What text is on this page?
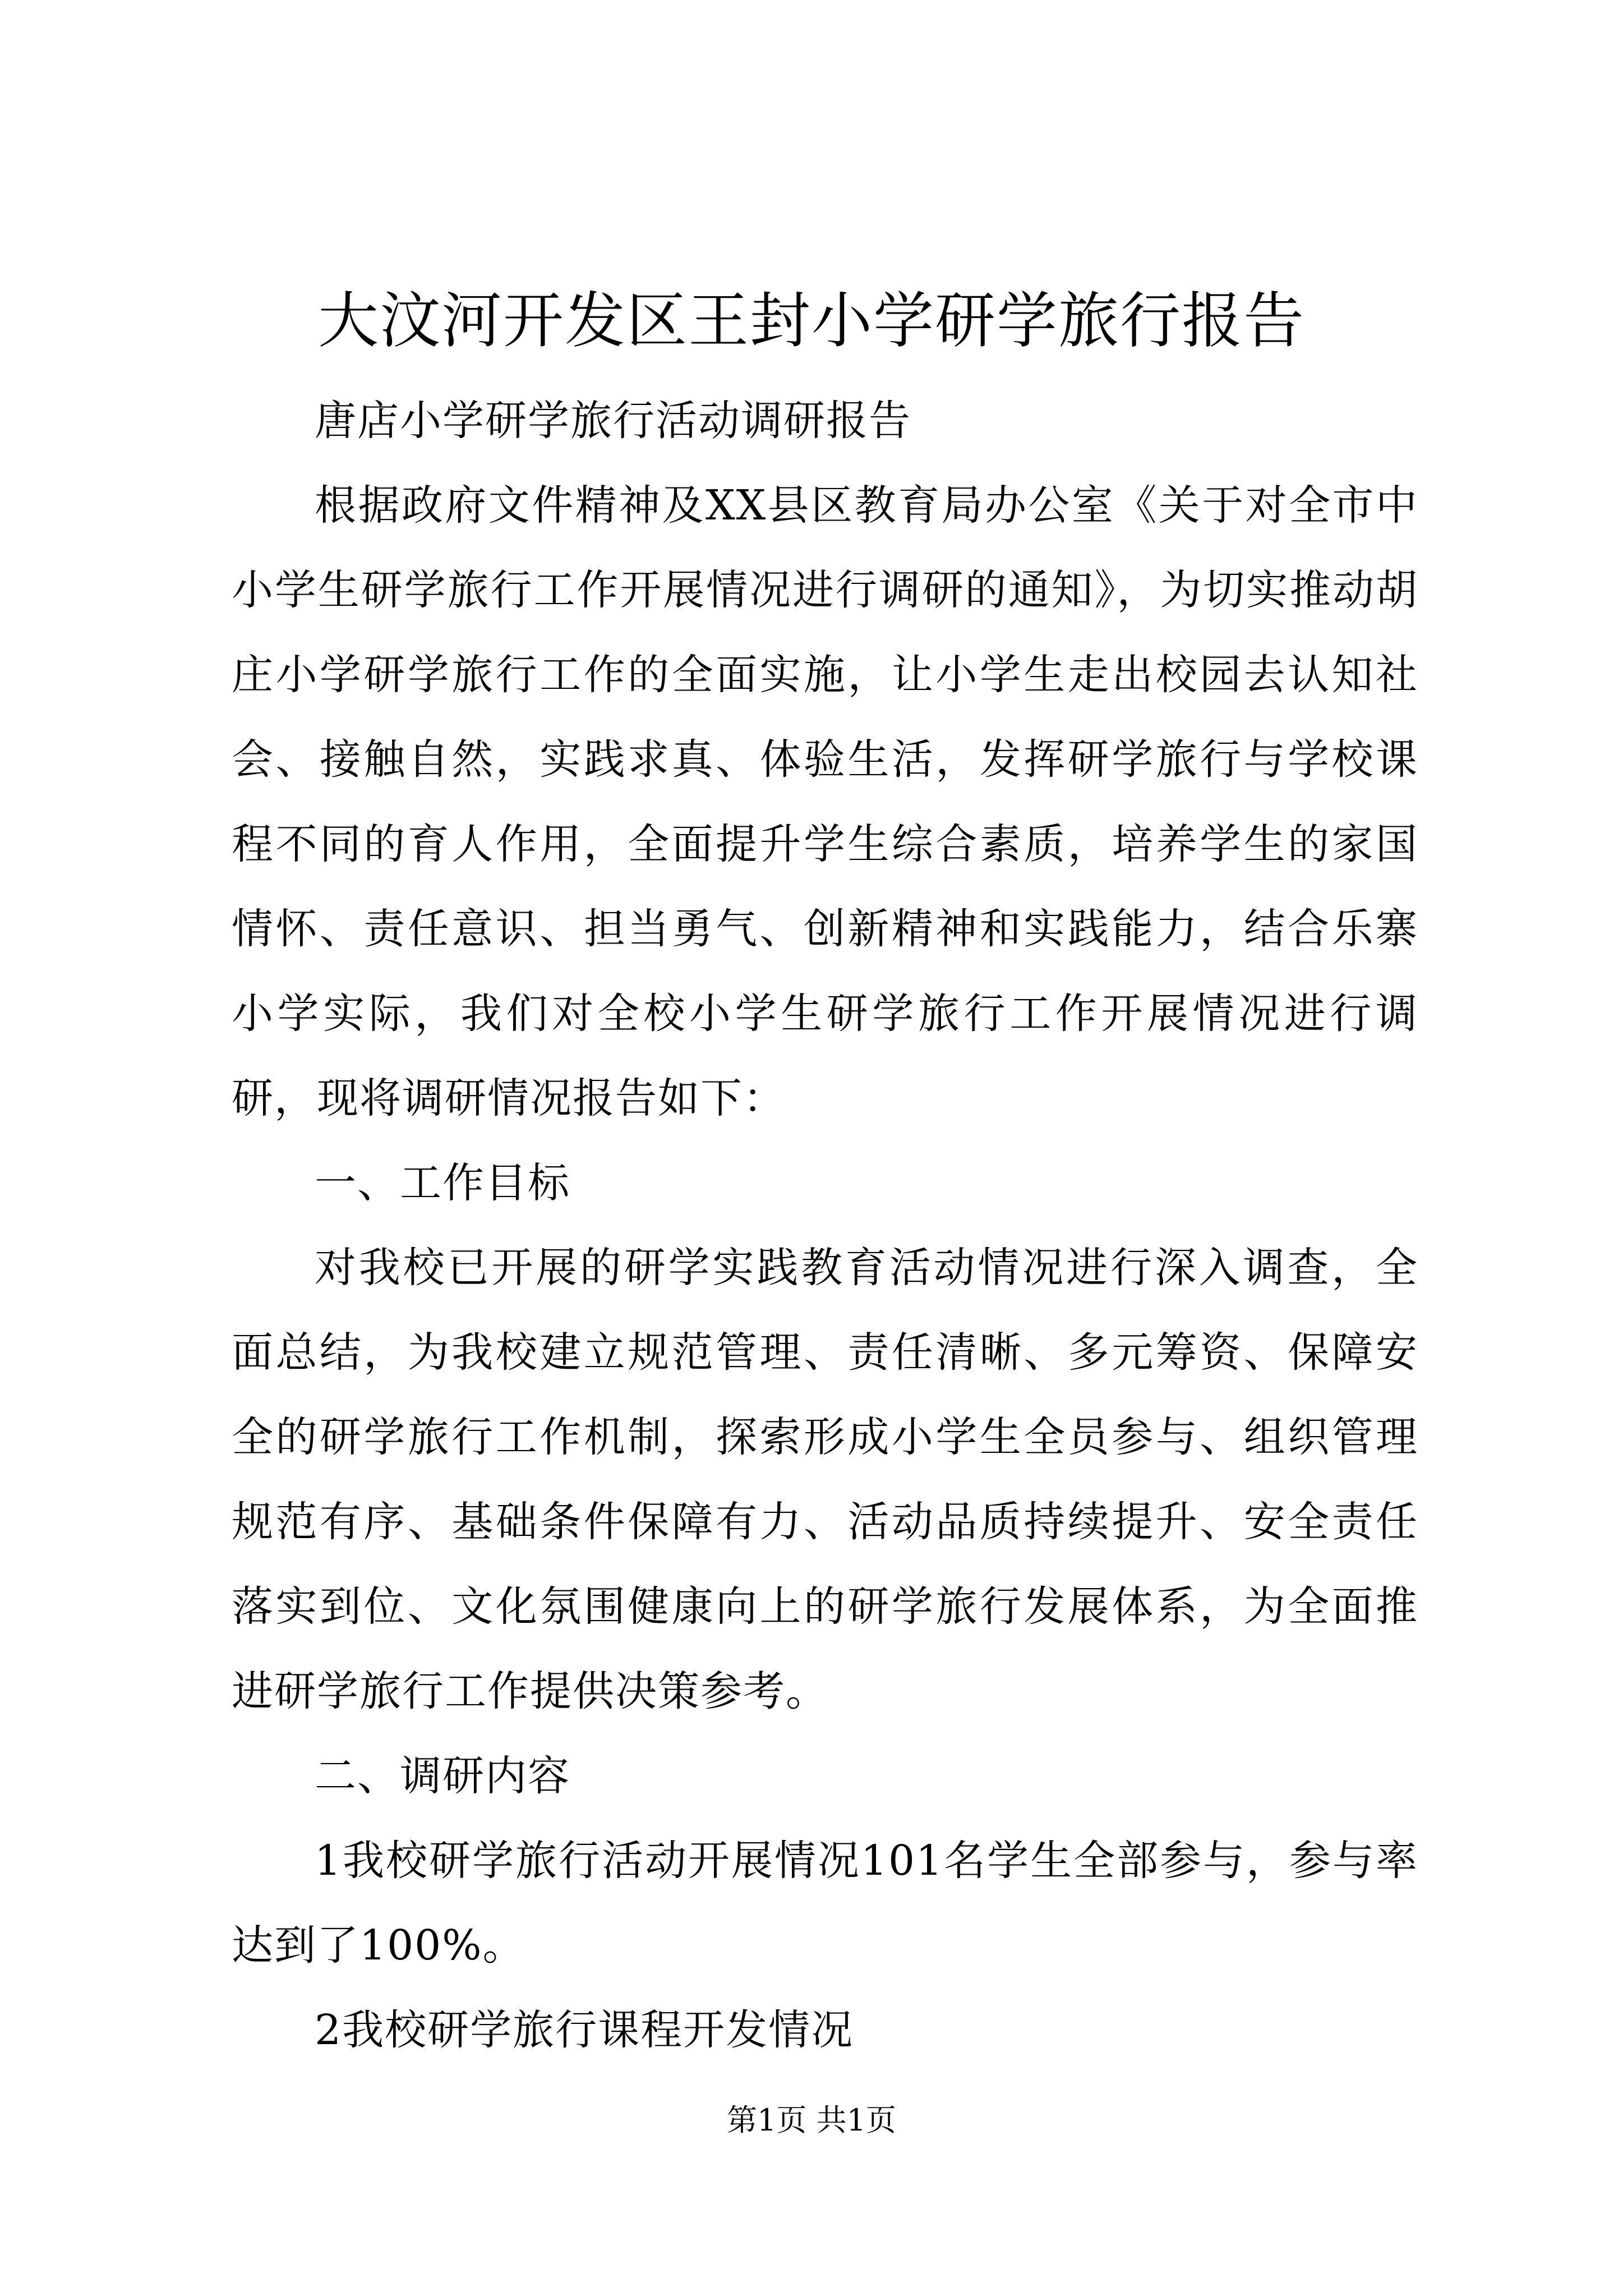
大汶河开发区王封小学研学旅行报告

唐店小学研学旅行活动调研报告

根据政府文件精神及XX县区教育局办公室《关于对全市中小学生研学旅行工作开展情况进行调研的通知》，为切实推动胡庄小学研学旅行工作的全面实施，让小学生走出校园去认知社会、接触自然，实践求真、体验生活，发挥研学旅行与学校课程不同的育人作用，全面提升学生综合素质，培养学生的家国情怀、责任意识、担当勇气、创新精神和实践能力，结合乐寨小学实际，我们对全校小学生研学旅行工作开展情况进行调研，现将调研情况报告如下：

一、工作目标

对我校已开展的研学实践教育活动情况进行深入调查，全面总结，为我校建立规范管理、责任清晰、多元筹资、保障安全的研学旅行工作机制，探索形成小学生全员参与、组织管理规范有序、基础条件保障有力、活动品质持续提升、安全责任落实到位、文化氛围健康向上的研学旅行发展体系，为全面推进研学旅行工作提供决策参考。

二、调研内容

1我校研学旅行活动开展情况101名学生全部参与，参与率达到了100%。

2我校研学旅行课程开发情况

第1页 共1页
